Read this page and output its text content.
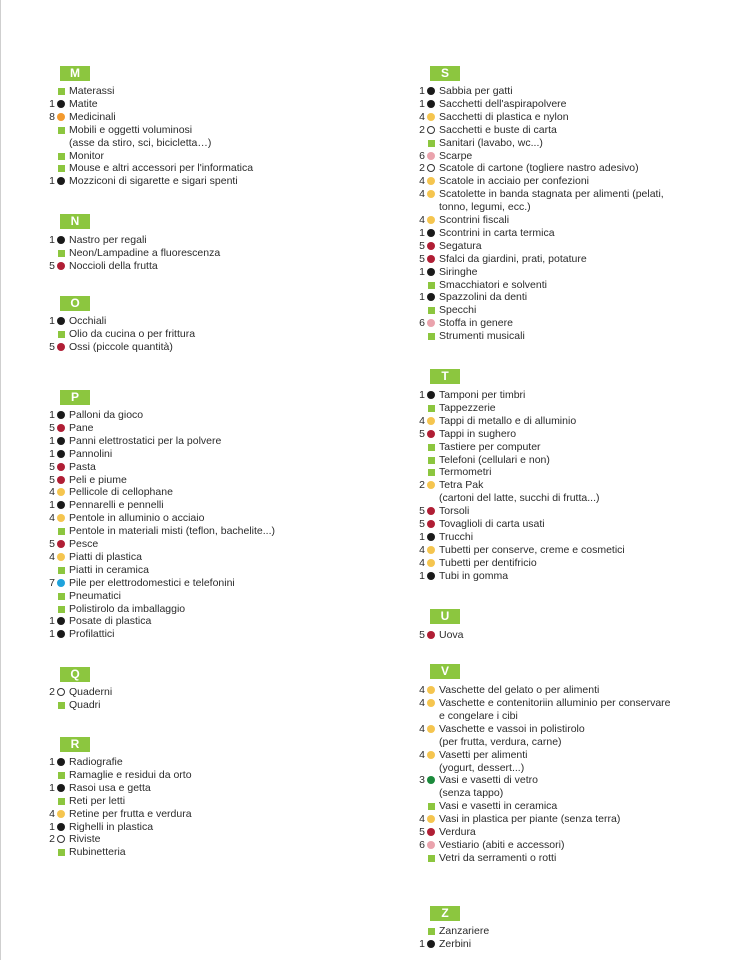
M
Materassi
1 Matite
8 Medicinali
Mobili e oggetti voluminosi
(asse da stiro, sci, bicicletta…)
Monitor
Mouse e altri accessori per l'informatica
1 Mozziconi di sigarette e sigari spenti
N
1 Nastro per regali
Neon/Lampadine a fluorescenza
5 Noccioli della frutta
O
1 Occhiali
Olio da cucina o per frittura
5 Ossi (piccole quantità)
P
1 Palloni da gioco
5 Pane
1 Panni elettrostatici per la polvere
1 Pannolini
5 Pasta
5 Peli e piume
4 Pellicole di cellophane
1 Pennarelli e pennelli
4 Pentole in alluminio o acciaio
Pentole in materiali misti (teflon, bachelite...)
5 Pesce
4 Piatti di plastica
Piatti in ceramica
7 Pile per elettrodomestici e telefonini
Pneumatici
Polistirolo da imballaggio
1 Posate di plastica
1 Profilattici
Q
2 Quaderni
Quadri
R
1 Radiografie
Ramaglie e residui da orto
1 Rasoi usa e getta
Reti per letti
4 Retine per frutta e verdura
1 Righelli in plastica
2 Riviste
Rubinetteria
S
1 Sabbia per gatti
1 Sacchetti dell'aspirapolvere
4 Sacchetti di plastica e nylon
2 Sacchetti e buste di carta
Sanitari (lavabo, wc...)
6 Scarpe
2 Scatole di cartone (togliere nastro adesivo)
4 Scatole in acciaio per confezioni
4 Scatolette in banda stagnata per alimenti (pelati,
tonno, legumi, ecc.)
4 Scontrini fiscali
1 Scontrini in carta termica
5 Segatura
5 Sfalci da giardini, prati, potature
1 Siringhe
Smacchiatori e solventi
1 Spazzolini da denti
Specchi
6 Stoffa in genere
Strumenti musicali
T
1 Tamponi per timbri
Tappezzerie
4 Tappi di metallo e di alluminio
5 Tappi in sughero
Tastiere per computer
Telefoni (cellulari e non)
Termometri
2 Tetra Pak
(cartoni del latte, succhi di frutta...)
5 Torsoli
5 Tovaglioli di carta usati
1 Trucchi
4 Tubetti per conserve, creme e cosmetici
4 Tubetti per dentifricio
1 Tubi in gomma
U
5 Uova
V
4 Vaschette del gelato o per alimenti
4 Vaschette e contenitoriin alluminio per conservare
e congelare i cibi
4 Vaschette e vassoi in polistirolo
(per frutta, verdura, carne)
4 Vasetti per alimenti
(yogurt, dessert...)
3 Vasi e vasetti di vetro
(senza tappo)
Vasi e vasetti in ceramica
4 Vasi in plastica per piante (senza terra)
5 Verdura
6 Vestiario (abiti e accessori)
Vetri da serramenti o rotti
Z
Zanzariere
1 Zerbini
